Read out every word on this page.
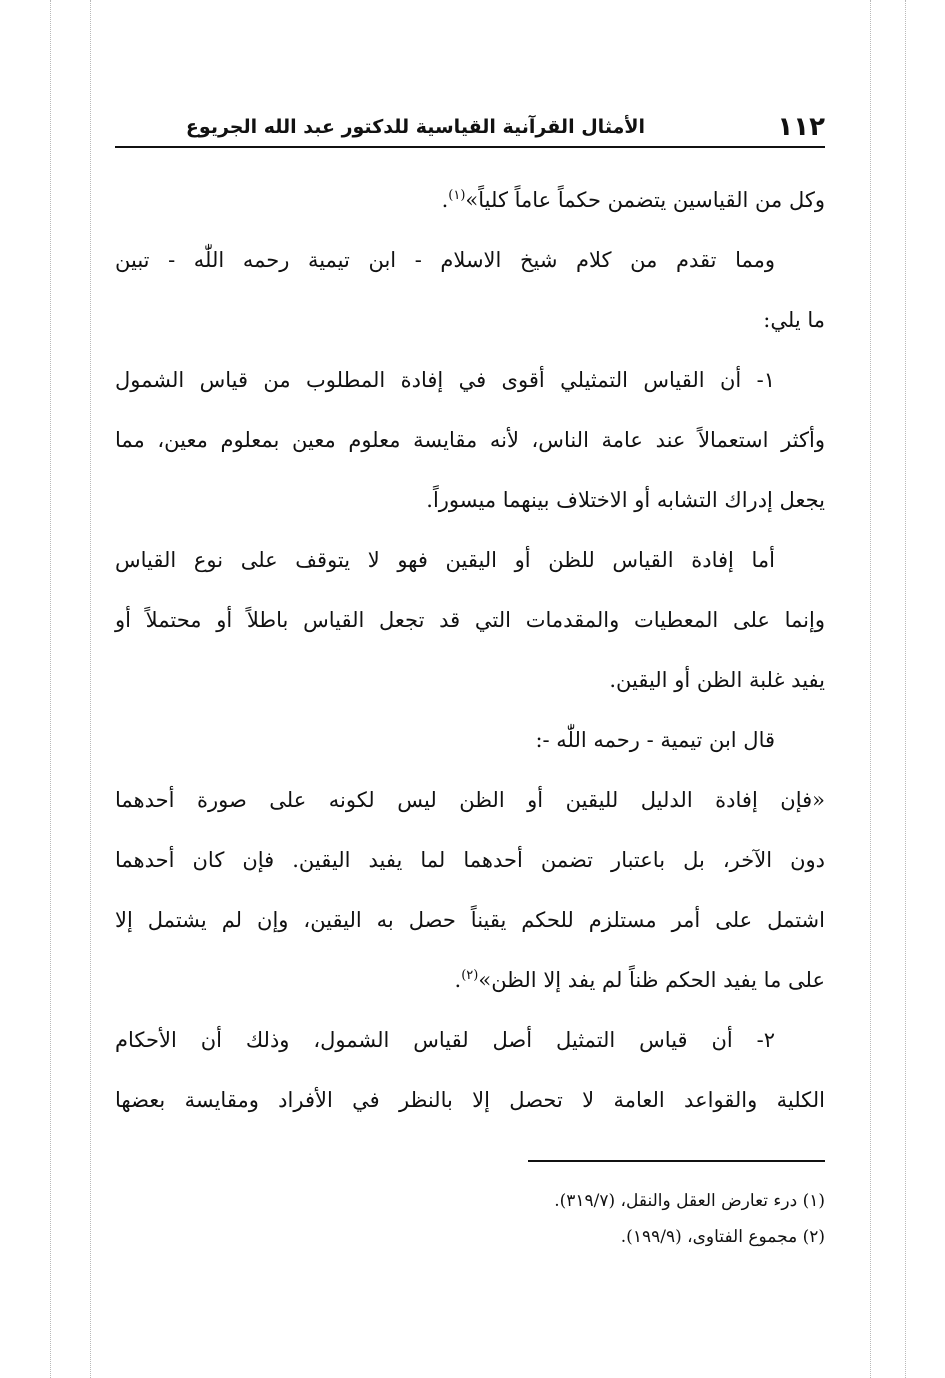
١١٢
الأمثال القرآنية القياسية للدكتور عبد الله الجريوع
وكل من القياسين يتضمن حكماً عاماً كلياً»$^{(١)}$.
ومما تقدم من كلام شيخ الاسلام - ابن تيمية رحمه اللّٰه - تبين
ما يلي:
١- أن القياس التمثيلي أقوى في إفادة المطلوب من قياس الشمول
وأكثر استعمالاً عند عامة الناس، لأنه مقايسة معلوم معين بمعلوم معين، مما
يجعل إدراك التشابه أو الاختلاف بينهما ميسوراً.
أما إفادة القياس للظن أو اليقين فهو لا يتوقف على نوع القياس
وإنما على المعطيات والمقدمات التي قد تجعل القياس باطلاً أو محتملاً أو
يفيد غلبة الظن أو اليقين.
قال ابن تيمية - رحمه اللّٰه -:
«فإن إفادة الدليل لليقين أو الظن ليس لكونه على صورة أحدهما
دون الآخر، بل باعتبار تضمن أحدهما لما يفيد اليقين. فإن كان أحدهما
اشتمل على أمر مستلزم للحكم يقيناً حصل به اليقين، وإن لم يشتمل إلا
على ما يفيد الحكم ظناً لم يفد إلا الظن»$^{(٢)}$.
٢- أن قياس التمثيل أصل لقياس الشمول، وذلك أن الأحكام
الكلية والقواعد العامة لا تحصل إلا بالنظر في الأفراد ومقايسة بعضها
(١) درء تعارض العقل والنقل، (٣١٩/٧).
(٢) مجموع الفتاوى، (١٩٩/٩).
